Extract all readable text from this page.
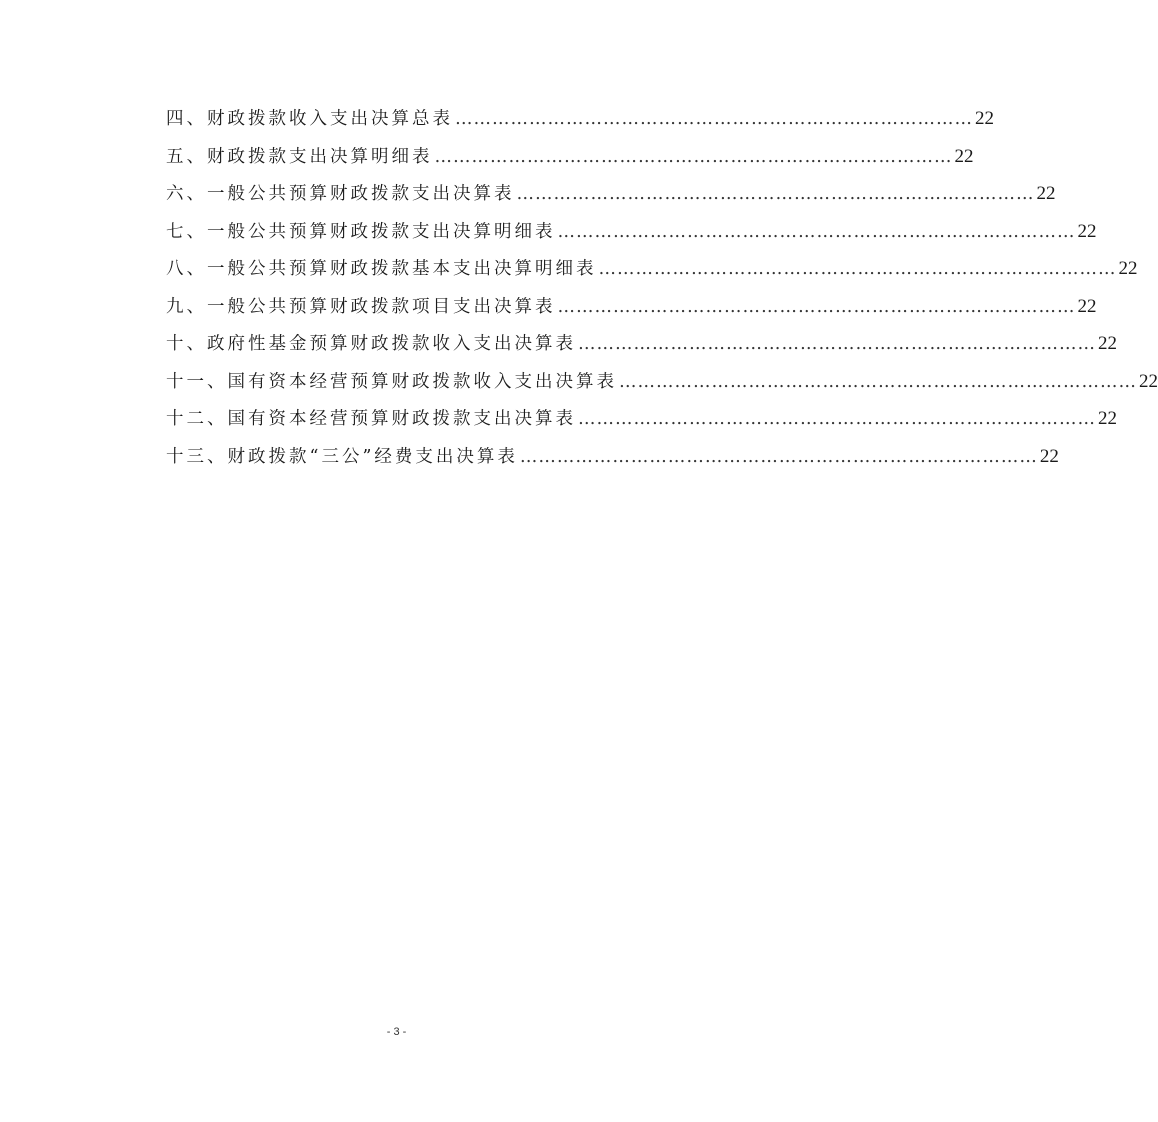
四、财政拨款收入支出决算总表 ………………………………………………………………………… 22
五、财政拨款支出决算明细表 ………………………………………………………………………… 22
六、一般公共预算财政拨款支出决算表 ………………………………………………………………………… 22
七、一般公共预算财政拨款支出决算明细表 ………………………………………………………………………… 22
八、一般公共预算财政拨款基本支出决算明细表 ………………………………………………………………………… 22
九、一般公共预算财政拨款项目支出决算表 ………………………………………………………………………… 22
十、政府性基金预算财政拨款收入支出决算表 ………………………………………………………………………… 22
十一、国有资本经营预算财政拨款收入支出决算表 ………………………………………………………………………… 22
十二、国有资本经营预算财政拨款支出决算表 ………………………………………………………………………… 22
十三、财政拨款“三公”经费支出决算表 ………………………………………………………………………… 22
- 3 -
